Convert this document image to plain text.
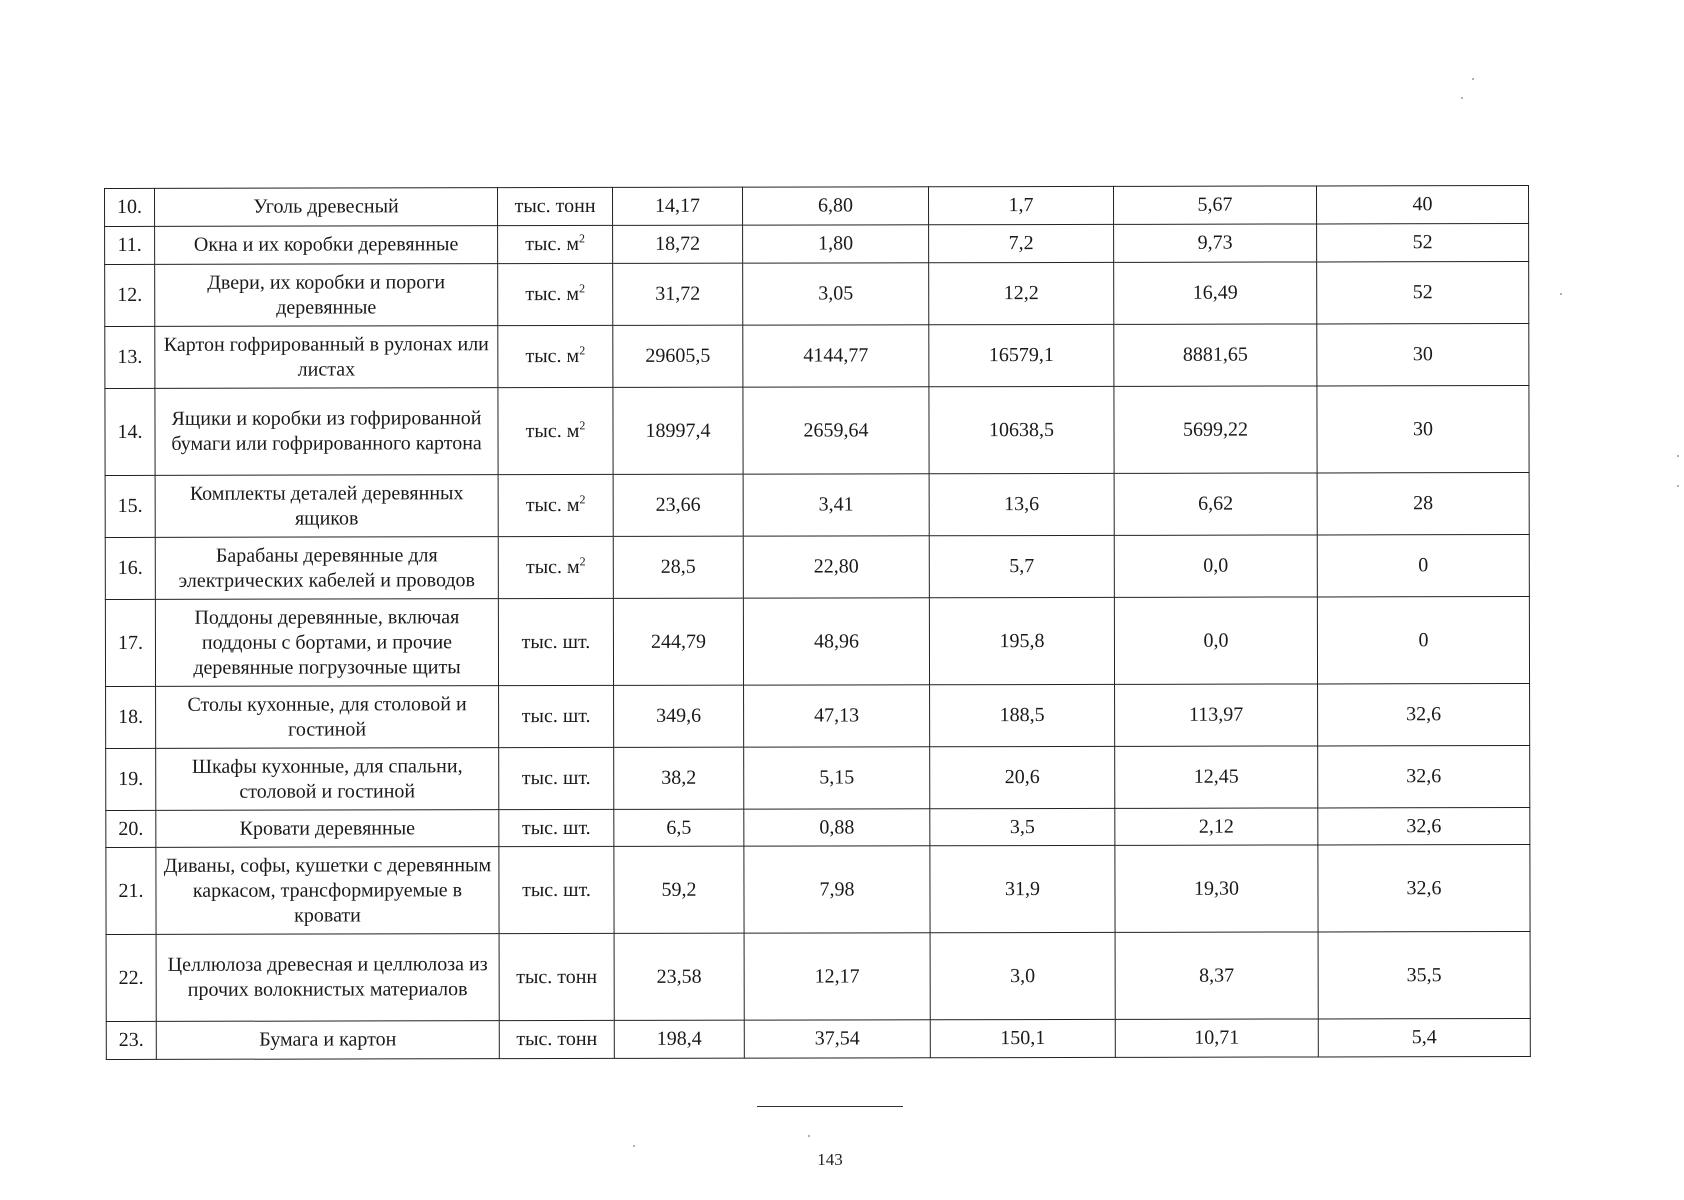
10.	Уголь древесный	тыс. тонн	14,17	6,80	1,7	5,67	40
11.	Окна и их коробки деревянные	тыс. $м^2$	18,72	1,80	7,2	9,73	52
12.	Двери, их коробки и пороги деревянные	тыс. $м^2$	31,72	3,05	12,2	16,49	52
13.	Картон гофрированный в рулонах или листах	тыс. $м^2$	29605,5	4144,77	16579,1	8881,65	30
14.	Ящики и коробки из гофрированной бумаги или гофрированного картона	тыс. $м^2$	18997,4	2659,64	10638,5	5699,22	30
15.	Комплекты деталей деревянных ящиков	тыс. $м^2$	23,66	3,41	13,6	6,62	28
16.	Барабаны деревянные для электрических кабелей и проводов	тыс. $м^2$	28,5	22,80	5,7	0,0	0
17.	Поддоны деревянные, включая поддоны с бортами, и прочие деревянные погрузочные щиты	тыс. шт.	244,79	48,96	195,8	0,0	0
18.	Столы кухонные, для столовой и гостиной	тыс. шт.	349,6	47,13	188,5	113,97	32,6
19.	Шкафы кухонные, для спальни, столовой и гостиной	тыс. шт.	38,2	5,15	20,6	12,45	32,6
20.	Кровати деревянные	тыс. шт.	6,5	0,88	3,5	2,12	32,6
21.	Диваны, софы, кушетки с деревянным каркасом, трансформируемые в кровати	тыс. шт.	59,2	7,98	31,9	19,30	32,6
22.	Целлюлоза древесная и целлюлоза из прочих волокнистых материалов	тыс. тонн	23,58	12,17	3,0	8,37	35,5
23.	Бумага и картон	тыс. тонн	198,4	37,54	150,1	10,71	5,4
143
